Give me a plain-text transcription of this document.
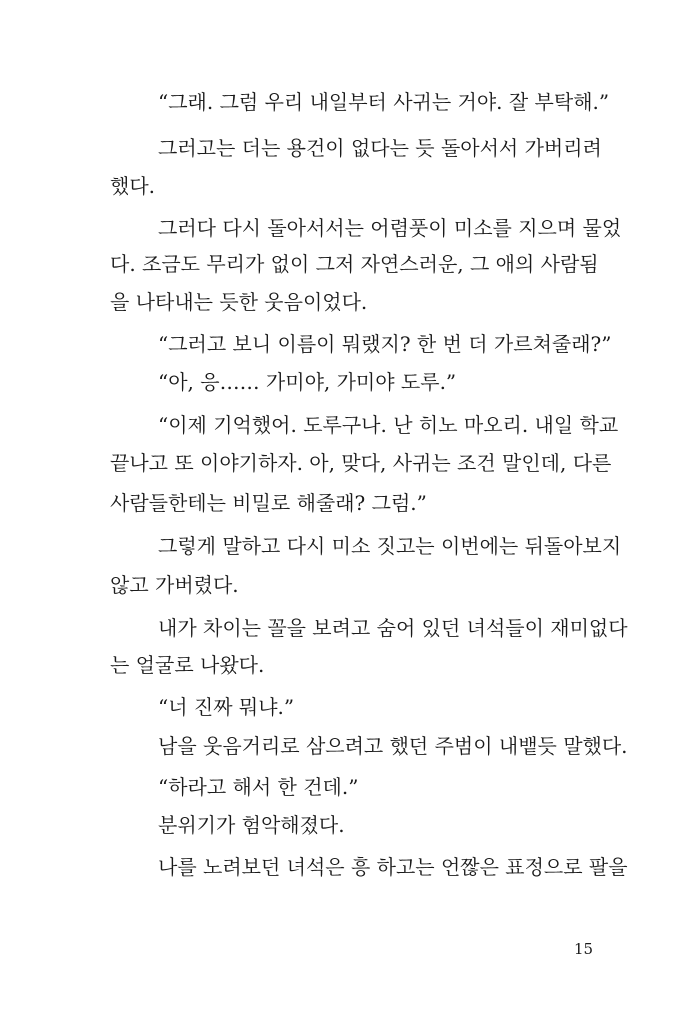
“그래. 그럼 우리 내일부터 사귀는 거야. 잘 부탁해.”
그러고는 더는 용건이 없다는 듯 돌아서서 가버리려
했다.
그러다 다시 돌아서서는 어렴풋이 미소를 지으며 물었
다. 조금도 무리가 없이 그저 자연스러운, 그 애의 사람됨
을 나타내는 듯한 웃음이었다.
“그러고 보니 이름이 뭐랬지? 한 번 더 가르쳐줄래?”
“아, 응…… 가미야, 가미야 도루.”
“이제 기억했어. 도루구나. 난 히노 마오리. 내일 학교
끝나고 또 이야기하자. 아, 맞다, 사귀는 조건 말인데, 다른
사람들한테는 비밀로 해줄래? 그럼.”
그렇게 말하고 다시 미소 짓고는 이번에는 뒤돌아보지
않고 가버렸다.
내가 차이는 꼴을 보려고 숨어 있던 녀석들이 재미없다
는 얼굴로 나왔다.
“너 진짜 뭐냐.”
남을 웃음거리로 삼으려고 했던 주범이 내뱉듯 말했다.
“하라고 해서 한 건데.”
분위기가 험악해졌다.
나를 노려보던 녀석은 흥 하고는 언짢은 표정으로 팔을
15
